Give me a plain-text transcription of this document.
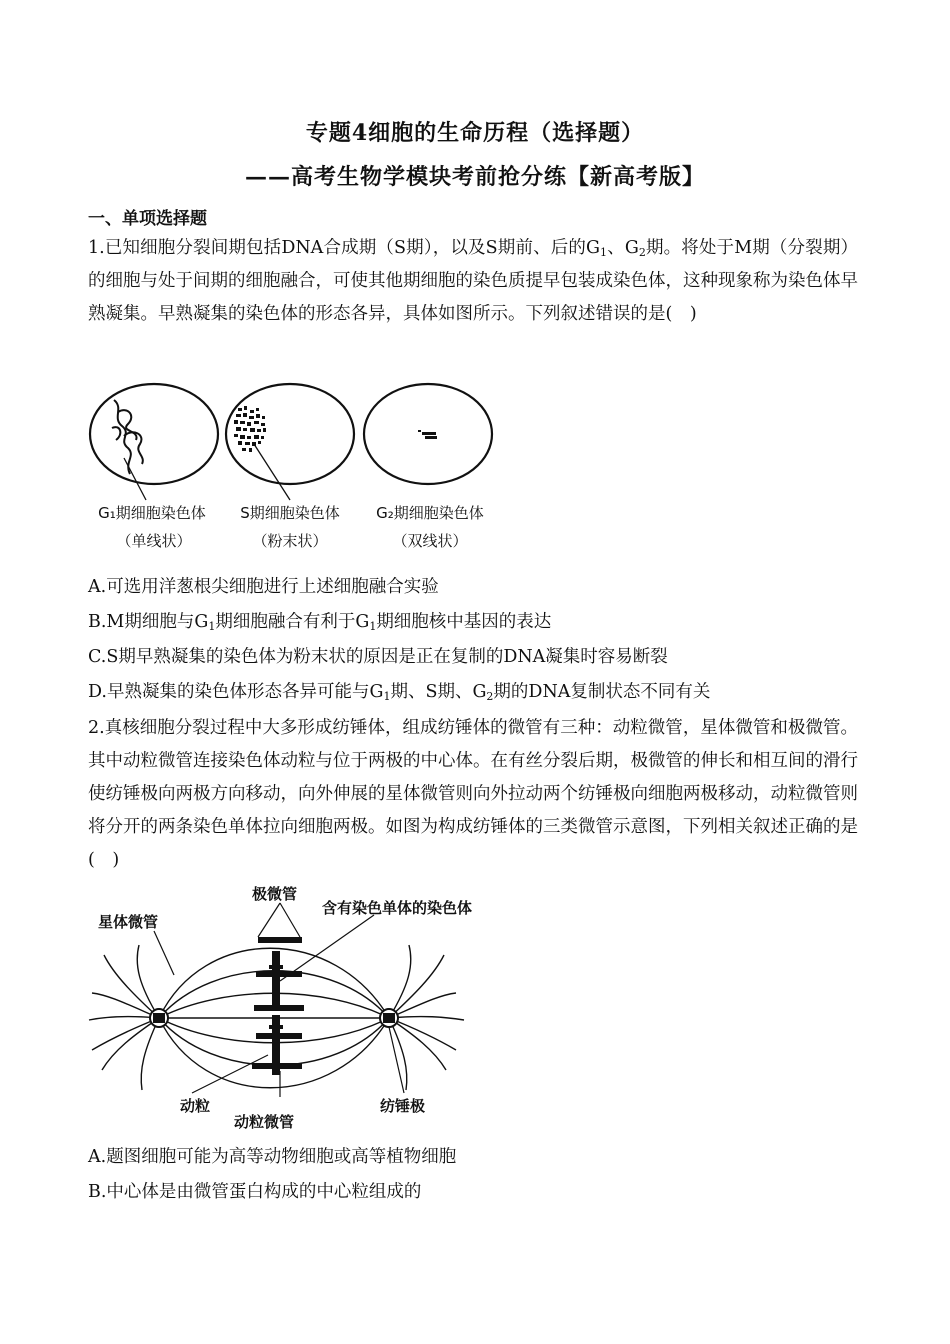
专题4细胞的生命历程（选择题）
——高考生物学模块考前抢分练【新高考版】
一、单项选择题
1.已知细胞分裂间期包括DNA合成期（S期），以及S期前、后的$G_1$、$G_2$期。将处于M期（分裂期）的细胞与处于间期的细胞融合，可使其他期细胞的染色质提早包装成染色体，这种现象称为染色体早熟凝集。早熟凝集的染色体的形态各异，具体如图所示。下列叙述错误的是(　)
G₁期细胞染色体
（单线状）
S期细胞染色体
（粉末状）
G₂期细胞染色体
（双线状）
A.可选用洋葱根尖细胞进行上述细胞融合实验
B.M期细胞与$G_1$期细胞融合有利于$G_1$期细胞核中基因的表达
C.S期早熟凝集的染色体为粉末状的原因是正在复制的DNA凝集时容易断裂
D.早熟凝集的染色体形态各异可能与$G_1$期、S期、$G_2$期的DNA复制状态不同有关
2.真核细胞分裂过程中大多形成纺锤体，组成纺锤体的微管有三种：动粒微管，星体微管和极微管。其中动粒微管连接染色体动粒与位于两极的中心体。在有丝分裂后期，极微管的伸长和相互间的滑行使纺锤极向两极方向移动，向外伸展的星体微管则向外拉动两个纺锤极向细胞两极移动，动粒微管则将分开的两条染色单体拉向细胞两极。如图为构成纺锤体的三类微管示意图，下列相关叙述正确的是(　)
星体微管
极微管
含有染色单体的染色体
动粒
动粒微管
纺锤极
A.题图细胞可能为高等动物细胞或高等植物细胞
B.中心体是由微管蛋白构成的中心粒组成的
